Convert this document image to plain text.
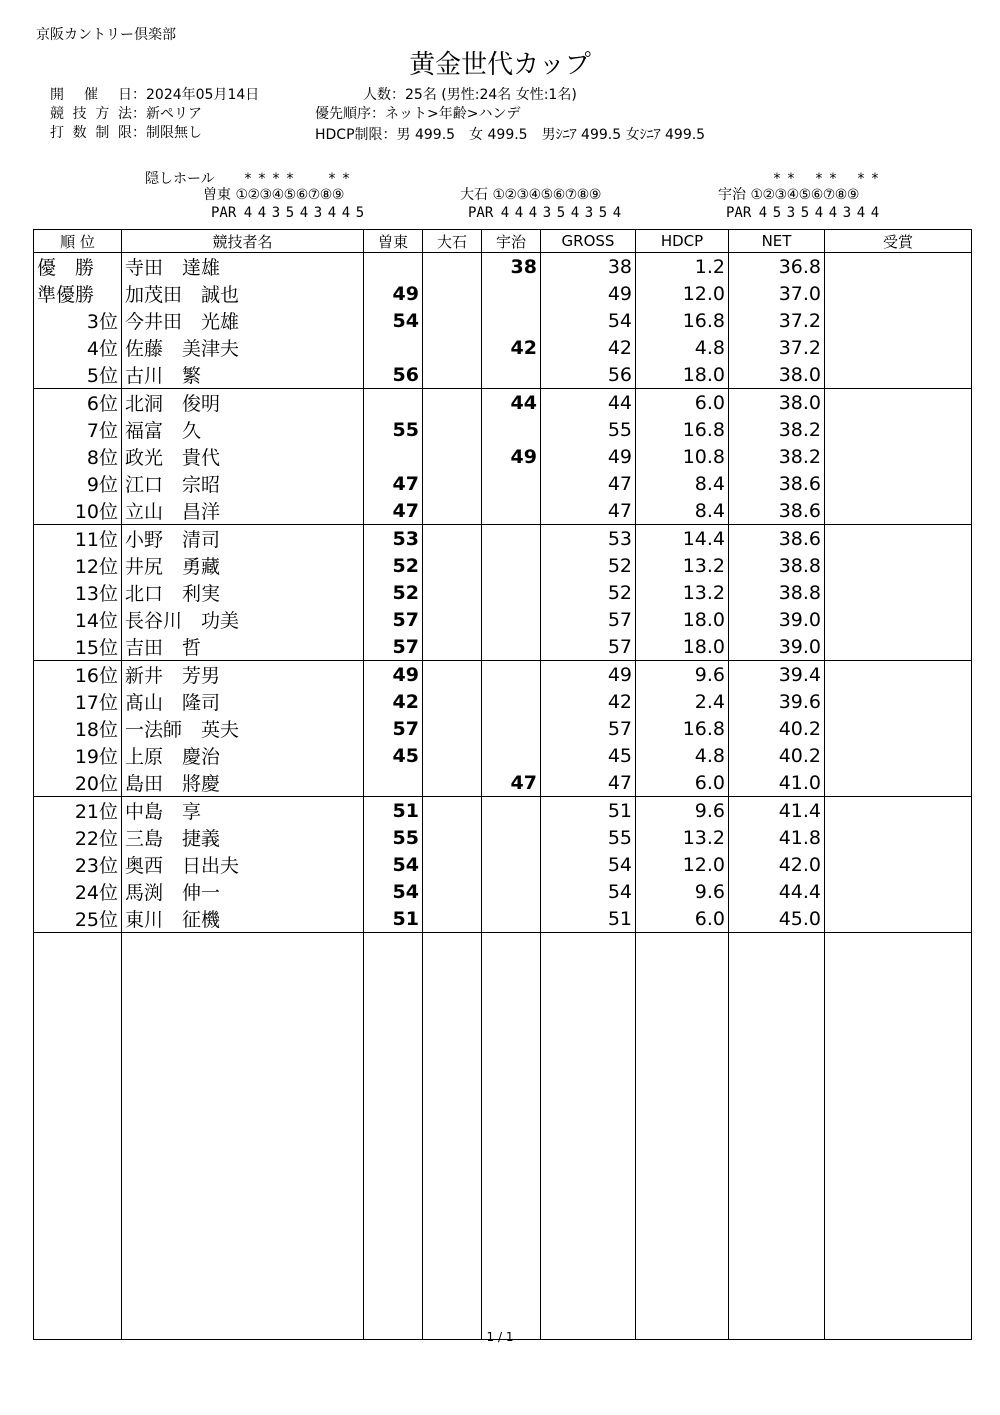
京阪カントリー倶楽部
黄金世代カップ
開催日：2024年05月14日
競技方法：新ペリア
打数制限：制限無し
人数：25名 (男性:24名 女性:1名)
優先順序：ネット>年齢>ハンデ
HDCP制限：男 499.5　女 499.5　男ｼﾆｱ 499.5 女ｼﾆｱ 499.5
隠しホール * * * * * *
曽東 ①②③④⑤⑥⑦⑧⑨
PAR 4 4 3 5 4 3 4 4 5
大石 ①②③④⑤⑥⑦⑧⑨
PAR 4 4 4 3 5 4 3 5 4
* * * * * *
宇治 ①②③④⑤⑥⑦⑧⑨
PAR 4 5 3 5 4 4 3 4 4
順 位	競技者名	曽東	大石	宇治	GROSS	HDCP	NET	受賞
優　勝	寺田　達雄			38	38	1.2	36.8	
準優勝	加茂田　誠也	49			49	12.0	37.0	
3位	今井田　光雄	54			54	16.8	37.2	
4位	佐藤　美津夫			42	42	4.8	37.2	
5位	古川　繁	56			56	18.0	38.0	
6位	北洞　俊明			44	44	6.0	38.0	
7位	福富　久	55			55	16.8	38.2	
8位	政光　貴代			49	49	10.8	38.2	
9位	江口　宗昭	47			47	8.4	38.6	
10位	立山　昌洋	47			47	8.4	38.6	
11位	小野　清司	53			53	14.4	38.6	
12位	井尻　勇藏	52			52	13.2	38.8	
13位	北口　利実	52			52	13.2	38.8	
14位	長谷川　功美	57			57	18.0	39.0	
15位	吉田　哲	57			57	18.0	39.0	
16位	新井　芳男	49			49	9.6	39.4	
17位	髙山　隆司	42			42	2.4	39.6	
18位	一法師　英夫	57			57	16.8	40.2	
19位	上原　慶治	45			45	4.8	40.2	
20位	島田　將慶			47	47	6.0	41.0	
21位	中島　享	51			51	9.6	41.4	
22位	三島　捷義	55			55	13.2	41.8	
23位	奥西　日出夫	54			54	12.0	42.0	
24位	馬渕　伸一	54			54	9.6	44.4	
25位	東川　征機	51			51	6.0	45.0	

1 / 1
